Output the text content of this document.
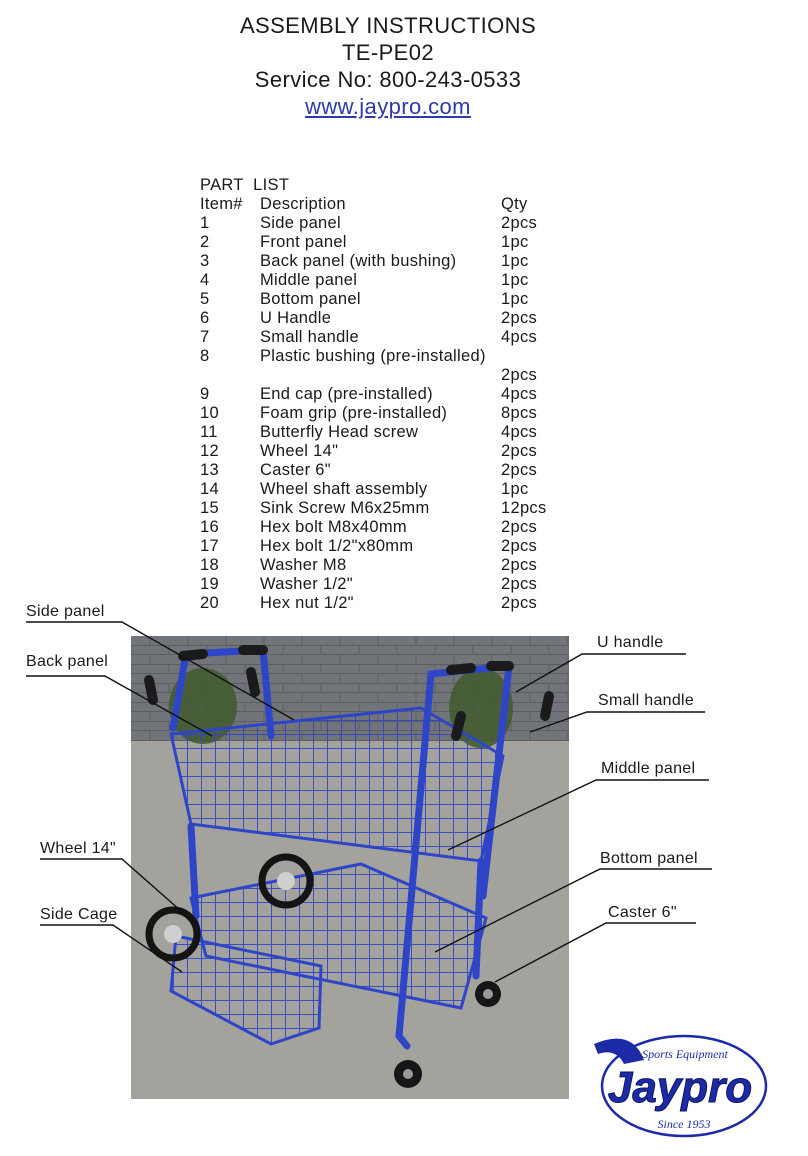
ASSEMBLY INSTRUCTIONS
TE-PE02
Service No: 800-243-0533
www.jaypro.com
PART  LIST
Item# Description	Qty
1	Side panel	2pcs
2	Front panel	1pc
3	Back panel (with bushing)	1pc
4	Middle panel	1pc
5	Bottom panel	1pc
6	U Handle	2pcs
7	Small handle	4pcs
8	Plastic bushing (pre-installed)
2pcs
9	End cap (pre-installed)	4pcs
10 Foam grip (pre-installed)	8pcs
11	Butterfly Head screw	4pcs
12 Wheel 14"	2pcs
13 Caster 6"	2pcs
14 Wheel shaft assembly	1pc
15 Sink Screw M6x25mm	12pcs
16 Hex bolt M8x40mm	2pcs
17 Hex bolt 1/2"x80mm	2pcs
18 Washer M8	2pcs
19 Washer 1/2"	2pcs
20 Hex nut 1/2"	2pcs
Side panel
Back panel
Wheel 14"
Side Cage
U handle
Small handle
Middle panel
Bottom panel
Caster 6"
Sports Equipment
Jaypro
Since 1953
